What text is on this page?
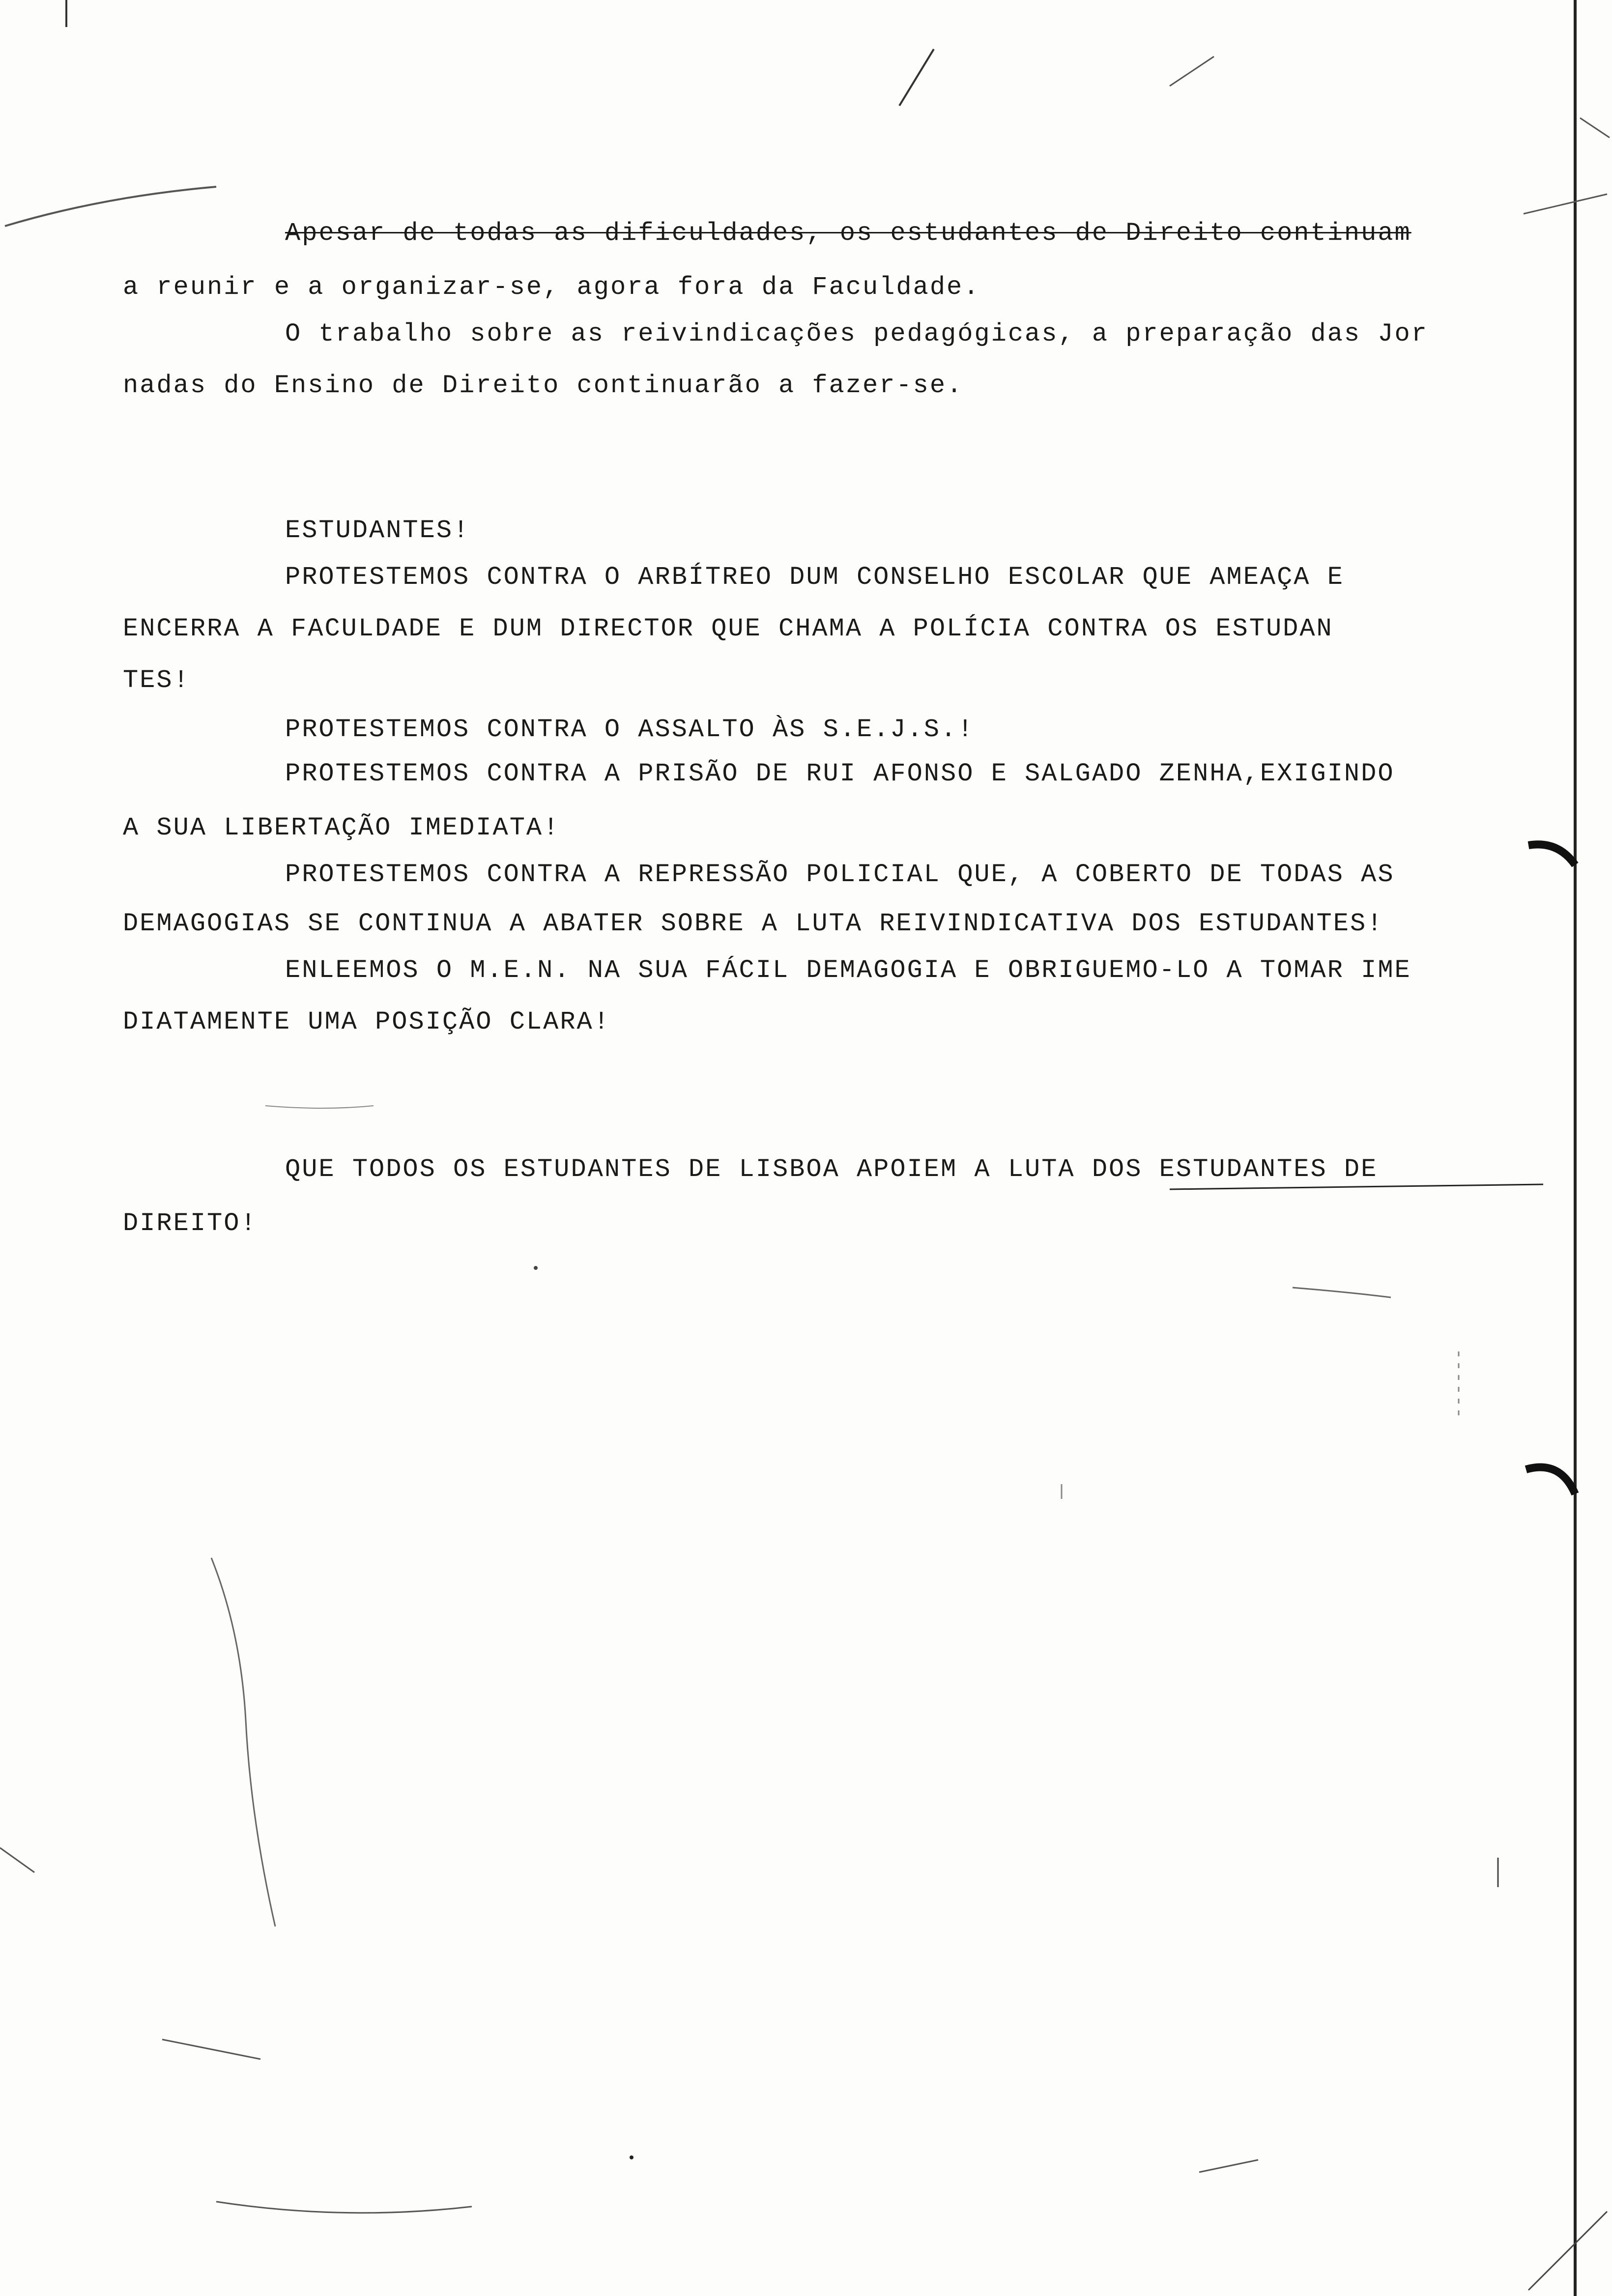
Apesar de todas as dificuldades, os estudantes de Direito continuam

a reunir e a organizar-se, agora fora da Faculdade.

O trabalho sobre as reivindicações pedagógicas, a preparação das Jor

nadas do Ensino de Direito continuarão a fazer-se.

ESTUDANTES!

PROTESTEMOS CONTRA O ARBÍTREO DUM CONSELHO ESCOLAR QUE AMEAÇA E

ENCERRA A FACULDADE E DUM DIRECTOR QUE CHAMA A POLÍCIA CONTRA OS ESTUDAN

TES!

PROTESTEMOS CONTRA O ASSALTO ÀS S.E.J.S.!

PROTESTEMOS CONTRA A PRISÃO DE RUI AFONSO E SALGADO ZENHA,EXIGINDO

A SUA LIBERTAÇÃO IMEDIATA!

PROTESTEMOS CONTRA A REPRESSÃO POLICIAL QUE, A COBERTO DE TODAS AS

DEMAGOGIAS SE CONTINUA A ABATER SOBRE A LUTA REIVINDICATIVA DOS ESTUDANTES!

ENLEEMOS O M.E.N. NA SUA FÁCIL DEMAGOGIA E OBRIGUEMO-LO A TOMAR IME

DIATAMENTE UMA POSIÇÃO CLARA!

QUE TODOS OS ESTUDANTES DE LISBOA APOIEM A LUTA DOS ESTUDANTES DE

DIREITO!
